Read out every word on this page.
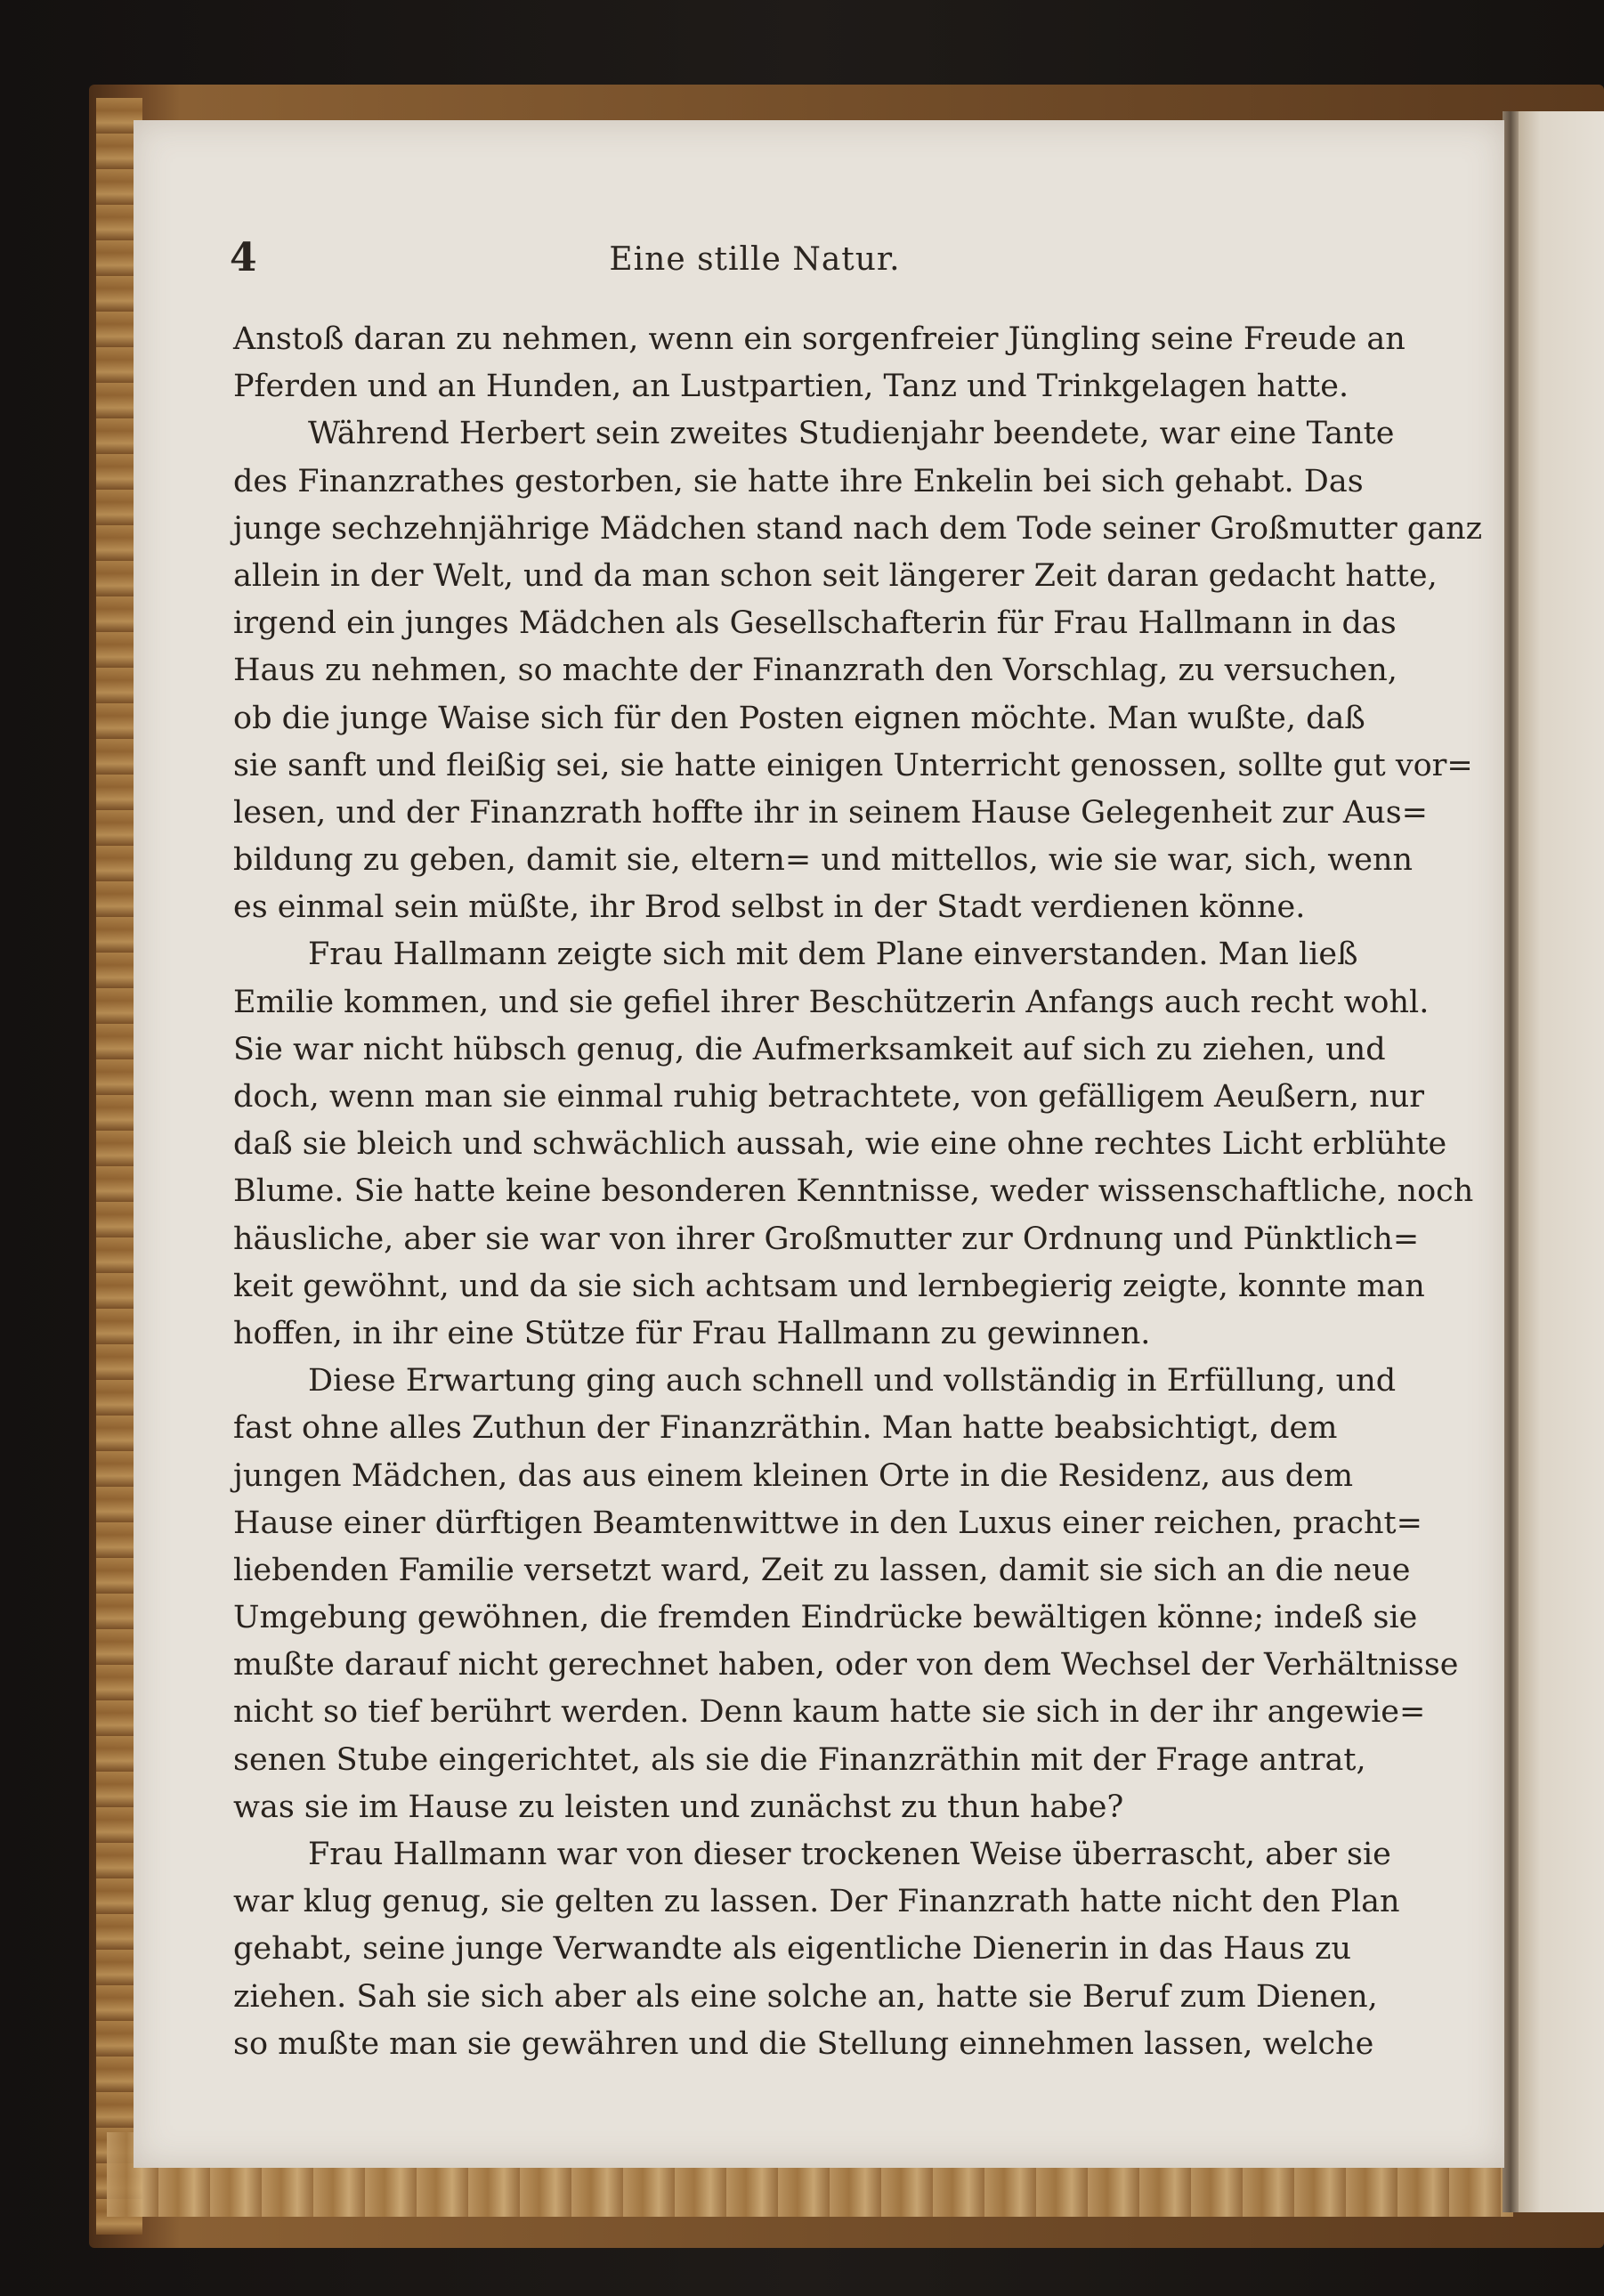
4	Eine stille Natur.
Anstoß daran zu nehmen, wenn ein sorgenfreier Jüngling seine Freude an
Pferden und an Hunden, an Lustpartien, Tanz und Trinkgelagen hatte.
Während Herbert sein zweites Studienjahr beendete, war eine Tante
des Finanzrathes gestorben, sie hatte ihre Enkelin bei sich gehabt. Das
junge sechzehnjährige Mädchen stand nach dem Tode seiner Großmutter ganz
allein in der Welt, und da man schon seit längerer Zeit daran gedacht hatte,
irgend ein junges Mädchen als Gesellschafterin für Frau Hallmann in das
Haus zu nehmen, so machte der Finanzrath den Vorschlag, zu versuchen,
ob die junge Waise sich für den Posten eignen möchte. Man wußte, daß
sie sanft und fleißig sei, sie hatte einigen Unterricht genossen, sollte gut vor=
lesen, und der Finanzrath hoffte ihr in seinem Hause Gelegenheit zur Aus=
bildung zu geben, damit sie, eltern= und mittellos, wie sie war, sich, wenn
es einmal sein müßte, ihr Brod selbst in der Stadt verdienen könne.
Frau Hallmann zeigte sich mit dem Plane einverstanden. Man ließ
Emilie kommen, und sie gefiel ihrer Beschützerin Anfangs auch recht wohl.
Sie war nicht hübsch genug, die Aufmerksamkeit auf sich zu ziehen, und
doch, wenn man sie einmal ruhig betrachtete, von gefälligem Aeußern, nur
daß sie bleich und schwächlich aussah, wie eine ohne rechtes Licht erblühte
Blume. Sie hatte keine besonderen Kenntnisse, weder wissenschaftliche, noch
häusliche, aber sie war von ihrer Großmutter zur Ordnung und Pünktlich=
keit gewöhnt, und da sie sich achtsam und lernbegierig zeigte, konnte man
hoffen, in ihr eine Stütze für Frau Hallmann zu gewinnen.
Diese Erwartung ging auch schnell und vollständig in Erfüllung, und
fast ohne alles Zuthun der Finanzräthin. Man hatte beabsichtigt, dem
jungen Mädchen, das aus einem kleinen Orte in die Residenz, aus dem
Hause einer dürftigen Beamtenwittwe in den Luxus einer reichen, pracht=
liebenden Familie versetzt ward, Zeit zu lassen, damit sie sich an die neue
Umgebung gewöhnen, die fremden Eindrücke bewältigen könne; indeß sie
mußte darauf nicht gerechnet haben, oder von dem Wechsel der Verhältnisse
nicht so tief berührt werden. Denn kaum hatte sie sich in der ihr angewie=
senen Stube eingerichtet, als sie die Finanzräthin mit der Frage antrat,
was sie im Hause zu leisten und zunächst zu thun habe?
Frau Hallmann war von dieser trockenen Weise überrascht, aber sie
war klug genug, sie gelten zu lassen. Der Finanzrath hatte nicht den Plan
gehabt, seine junge Verwandte als eigentliche Dienerin in das Haus zu
ziehen. Sah sie sich aber als eine solche an, hatte sie Beruf zum Dienen,
so mußte man sie gewähren und die Stellung einnehmen lassen, welche
